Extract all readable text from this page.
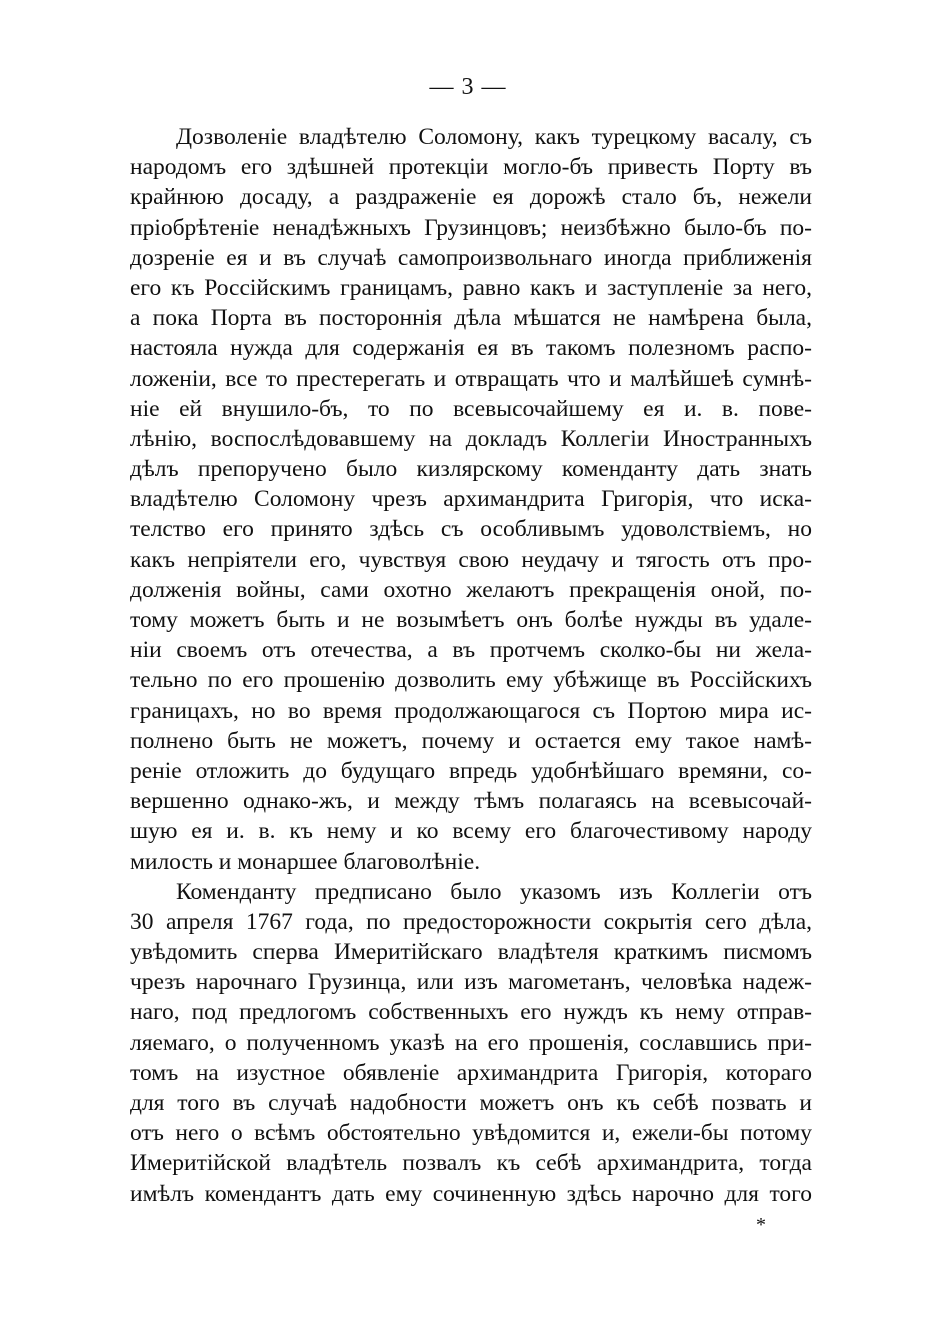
— 3 —
Дозволеніе владѣтелю Соломону, какъ турецкому васалу, съ
народомъ его здѣшней протекціи могло-бъ привесть Порту въ
крайнюю досаду, а раздраженіе ея дорожѣ стало бъ, нежели
пріобрѣтеніе ненадѣжныхъ Грузинцовъ; неизбѣжно было-бъ по-
дозреніе ея и въ случаѣ самопроизвольнаго иногда приближенія
его къ Россійскимъ границамъ, равно какъ и заступленіе за него,
а пока Порта въ постороннія дѣла мѣшатся не намѣрена была,
настояла нужда для содержанія ея въ такомъ полезномъ распо-
ложеніи, все то престерегать и отвращать что и малѣйшеѣ сумнѣ-
ніе ей внушило-бъ, то по всевысочайшему ея и. в. пове-
лѣнію, воспослѣдовавшему на докладъ Коллегіи Иностранныхъ
дѣлъ препоручено было кизлярскому коменданту дать знать
владѣтелю Соломону чрезъ архимандрита Григорія, что иска-
телство его принято здѣсь съ особливымъ удоволствіемъ, но
какъ непріятели его, чувствуя свою неудачу и тягость отъ про-
долженія войны, сами охотно желаютъ прекращенія оной, по-
тому можетъ быть и не возымѣетъ онъ болѣе нужды въ удале-
ніи своемъ отъ отечества, а въ протчемъ сколко-бы ни жела-
тельно по его прошенію дозволить ему убѣжище въ Россійскихъ
границахъ, но во время продолжающагося съ Портою мира ис-
полнено быть не можетъ, почему и остается ему такое намѣ-
реніе отложить до будущаго впредь удобнѣйшаго времяни, со-
вершенно однако-жъ, и между тѣмъ полагаясь на всевысочай-
шую ея и. в. къ нему и ко всему его благочестивому народу
милость и монаршее благоволѣніе.
Коменданту предписано было указомъ изъ Коллегіи отъ
30 апреля 1767 года, по предосторожности сокрытія сего дѣла,
увѣдомить сперва Имеритійскаго владѣтеля краткимъ писмомъ
чрезъ нарочнаго Грузинца, или изъ магометанъ, человѣка надеж-
наго, под предлогомъ собственныхъ его нуждъ къ нему отправ-
ляемаго, о полученномъ указѣ на его прошенія, сославшись при-
томъ на изустное обявленіе архимандрита Григорія, котораго
для того въ случаѣ надобности можетъ онъ къ себѣ позвать и
отъ него о всѣмъ обстоятельно увѣдомится и, ежели-бы потому
Имеритійской владѣтель позвалъ къ себѣ архимандрита, тогда
имѣлъ комендантъ дать ему сочиненную здѣсь нарочно для того
*
